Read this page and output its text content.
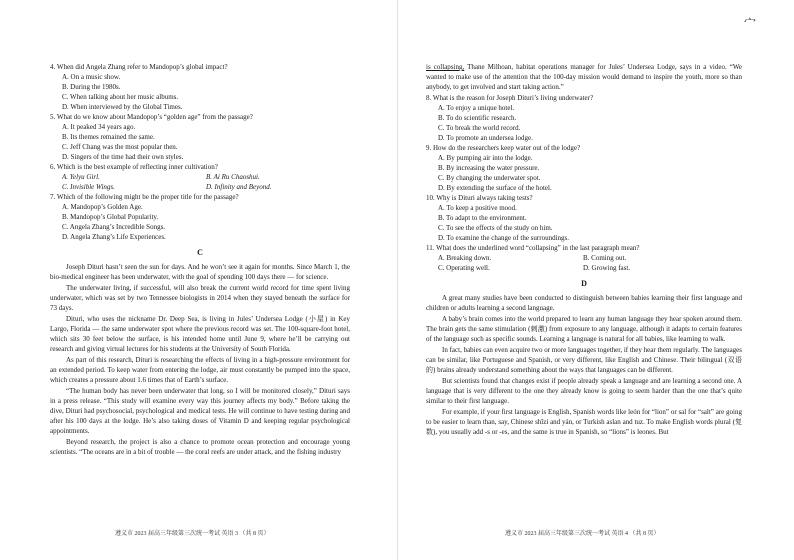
宀

4. When did Angela Zhang refer to Mandopop’s global impact?

A. On a music show.

B. During the 1980s.

C. When talking about her music albums.

D. When interviewed by the Global Times.

5. What do we know about Mandopop’s “golden age” from the passage?

A. It peaked 34 years ago.

B. Its themes remained the same.

C. Jeff Chang was the most popular then.

D. Singers of the time had their own styles.

6. Which is the best example of reflecting inner cultivation?

A. Yelyu Girl.	B. Ai Ru Chaoshui.

C. Invisible Wings.	D. Infinity and Beyond.

7. Which of the following might be the proper title for the passage?

A. Mandopop’s Golden Age.

B. Mandopop’s Global Popularity.

C. Angela Zhang’s Incredible Songs.

D. Angela Zhang’s Life Experiences.

C

Joseph Dituri hasn’t seen the sun for days. And he won’t see it again for months. Since March 1, the bio-medical engineer has been underwater, with the goal of spending 100 days there — for science.

The underwater living, if successful, will also break the current world record for time spent living underwater, which was set by two Tennessee biologists in 2014 when they stayed beneath the surface for 73 days.

Dituri, who uses the nickname Dr. Deep Sea, is living in Jules’ Undersea Lodge (小屋) in Key Largo, Florida — the same underwater spot where the previous record was set. The 100-square-foot hotel, which sits 30 feet below the surface, is his intended home until June 9, where he’ll be carrying out research and giving virtual lectures for his students at the University of South Florida.

As part of this research, Dituri is researching the effects of living in a high-pressure environment for an extended period. To keep water from entering the lodge, air must constantly be pumped into the space, which creates a pressure about 1.6 times that of Earth’s surface.

“The human body has never been underwater that long, so I will be monitored closely,” Dituri says in a press release. “This study will examine every way this journey affects my body.” Before taking the dive, Dituri had psychosocial, psychological and medical tests. He will continue to have testing during and after his 100 days at the lodge. He’s also taking doses of Vitamin D and keeping regular psychological appointments.

Beyond research, the project is also a chance to promote ocean protection and encourage young scientists. “The oceans are in a bit of trouble — the coral reefs are under attack, and the fishing industry

遵义市 2023 届高三年级第三次统一考试 英语 3 （共 8 页）

is collapsing, Thane Milhoan, habitat operations manager for Jules’ Undersea Lodge, says in a video. “We wanted to make use of the attention that the 100-day mission would demand to inspire the youth, more so than anybody, to get involved and start taking action.”

8. What is the reason for Joseph Dituri’s living underwater?

A. To enjoy a unique hotel.

B. To do scientific research.

C. To break the world record.

D. To promote an undersea lodge.

9. How do the researchers keep water out of the lodge?

A. By pumping air into the lodge.

B. By increasing the water pressure.

C. By changing the underwater spot.

D. By extending the surface of the hotel.

10. Why is Dituri always taking tests?

A. To keep a positive mood.

B. To adapt to the environment.

C. To see the effects of the study on him.

D. To examine the change of the surroundings.

11. What does the underlined word “collapsing” in the last paragraph mean?

A. Breaking down.	B. Coming out.

C. Operating well.	D. Growing fast.

D

A great many studies have been conducted to distinguish between babies learning their first language and children or adults learning a second language.

A baby’s brain comes into the world prepared to learn any human language they hear spoken around them. The brain gets the same stimulation (刺激) from exposure to any language, although it adapts to certain features of the language such as specific sounds. Learning a language is natural for all babies, like learning to walk.

In fact, babies can even acquire two or more languages together, if they hear them regularly. The languages can be similar, like Portuguese and Spanish, or very different, like English and Chinese. Their bilingual (双语的) brains already understand something about the ways that languages can be different.

But scientists found that changes exist if people already speak a language and are learning a second one. A language that is very different to the one they already know is going to seem harder than the one that’s quite similar to their first language.

For example, if your first language is English, Spanish words like león for “lion” or sal for “salt” are going to be easier to learn than, say, Chinese shīzi and yán, or Turkish aslan and tuz. To make English words plural (复数), you usually add -s or -es, and the same is true in Spanish, so “lions” is leones. But

遵义市 2023 届高三年级第三次统一考试 英语 4 （共 8 页）
